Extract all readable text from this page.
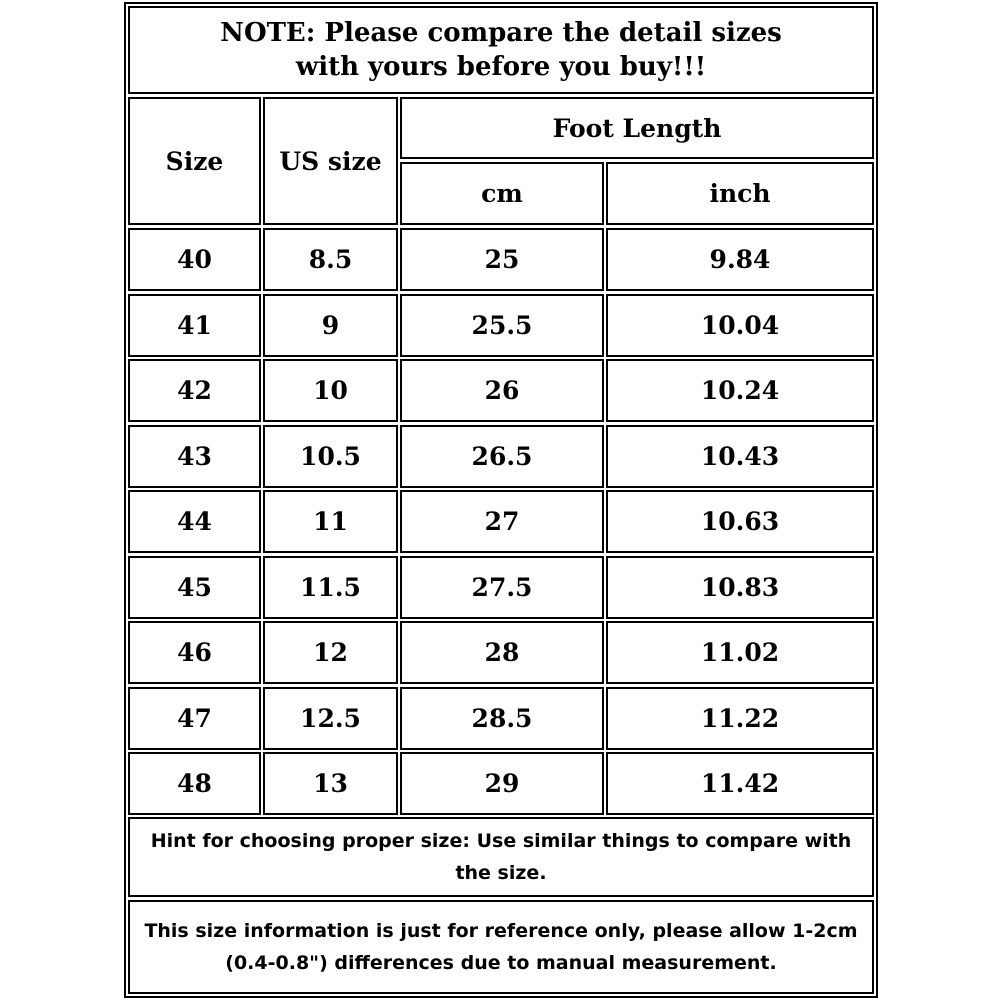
NOTE: Please compare the detail sizes
with yours before you buy!!!
Size	US size
Foot Length
cm	inch
40	8.5	25	9.84
41	9	25.5	10.04
42	10	26	10.24
43	10.5	26.5	10.43
44	11	27	10.63
45	11.5	27.5	10.83
46	12	28	11.02
47	12.5	28.5	11.22
48	13	29	11.42
Hint for choosing proper size: Use similar things to compare with
the size.
This size information is just for reference only, please allow 1-2cm
(0.4-0.8") differences due to manual measurement.
